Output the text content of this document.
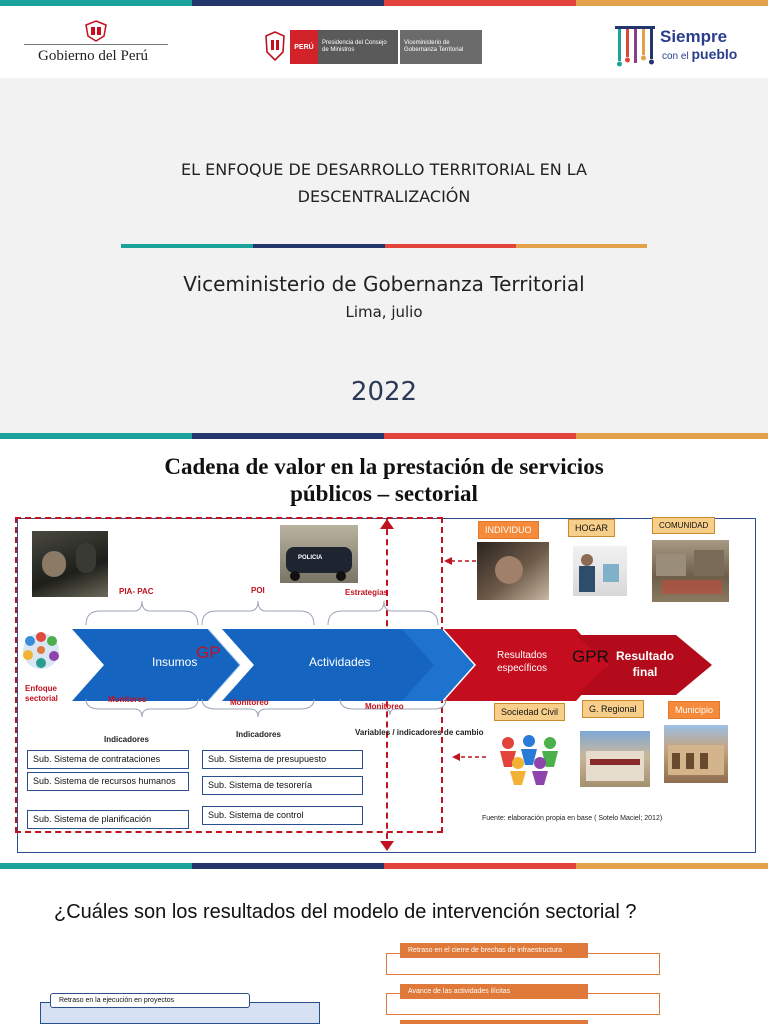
Gobierno del Perú
PERÚ
Presidencia del Consejo de Ministros
Viceministerio de Gobernanza Territorial
Siempre
con el pueblo
EL ENFOQUE DE DESARROLLO TERRITORIAL EN LA
DESCENTRALIZACIÓN
Viceministerio de Gobernanza Territorial
Lima, julio
2022
Cadena de valor en la prestación de servicios
públicos – sectorial
POLICIA
PIA- PAC	POI	Estrategias
Enfoque
sectorial
Insumos	Actividades
GP	Resultados
específicos
GPR Resultado
final
Monitoreo	Monitoreo	Monitoreo
Indicadores
Indicadores	Variables / indicadores de cambio
Sub. Sistema de contrataciones
Sub. Sistema de recursos humanos
Sub. Sistema de planificación
Sub. Sistema de presupuesto
Sub. Sistema de tesorería
Sub. Sistema de control
INDIVIDUO	HOGAR	COMUNIDAD
Sociedad Civil	G. Regional	Municipio
Fuente: elaboración propia en base ( Sotelo Maciel; 2012)
¿Cuáles son los resultados del modelo de intervención sectorial ?
Retraso en el cierre de brechas de infraestructura
Avance de las actividades ilícitas
Retraso en la ejecución en proyectos
